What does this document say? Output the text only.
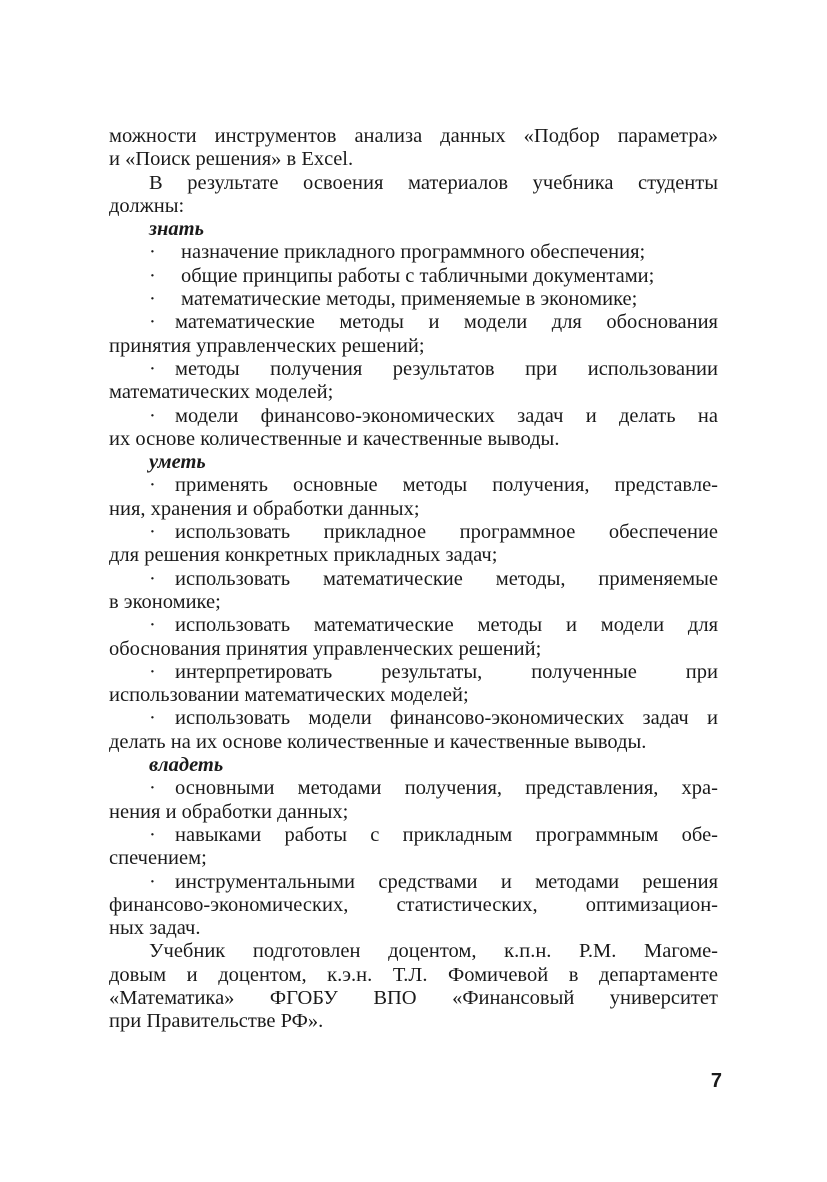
можности инструментов анализа данных «Подбор параметра»
и «Поиск решения» в Excel.
В результате освоения материалов учебника студенты
должны:
знать
· назначение прикладного программного обеспечения;
· общие принципы работы с табличными документами;
· математические методы, применяемые в экономике;
· математические методы и модели для обоснования
принятия управленческих решений;
· методы получения результатов при использовании
математических моделей;
· модели финансово-экономических задач и делать на
их основе количественные и качественные выводы.
уметь
· применять основные методы получения, представле-
ния, хранения и обработки данных;
· использовать прикладное программное обеспечение
для решения конкретных прикладных задач;
· использовать математические методы, применяемые
в экономике;
· использовать математические методы и модели для
обоснования принятия управленческих решений;
· интерпретировать результаты, полученные при
использовании математических моделей;
· использовать модели финансово-экономических задач и
делать на их основе количественные и качественные выводы.
владеть
· основными методами получения, представления, хра-
нения и обработки данных;
· навыками работы с прикладным программным обе-
спечением;
· инструментальными средствами и методами решения
финансово-экономических, статистических, оптимизацион-
ных задач.
Учебник подготовлен доцентом, к.п.н. Р.М. Магоме-
довым и доцентом, к.э.н. Т.Л. Фомичевой в департаменте
«Математика» ФГОБУ ВПО «Финансовый университет
при Правительстве РФ».
7
